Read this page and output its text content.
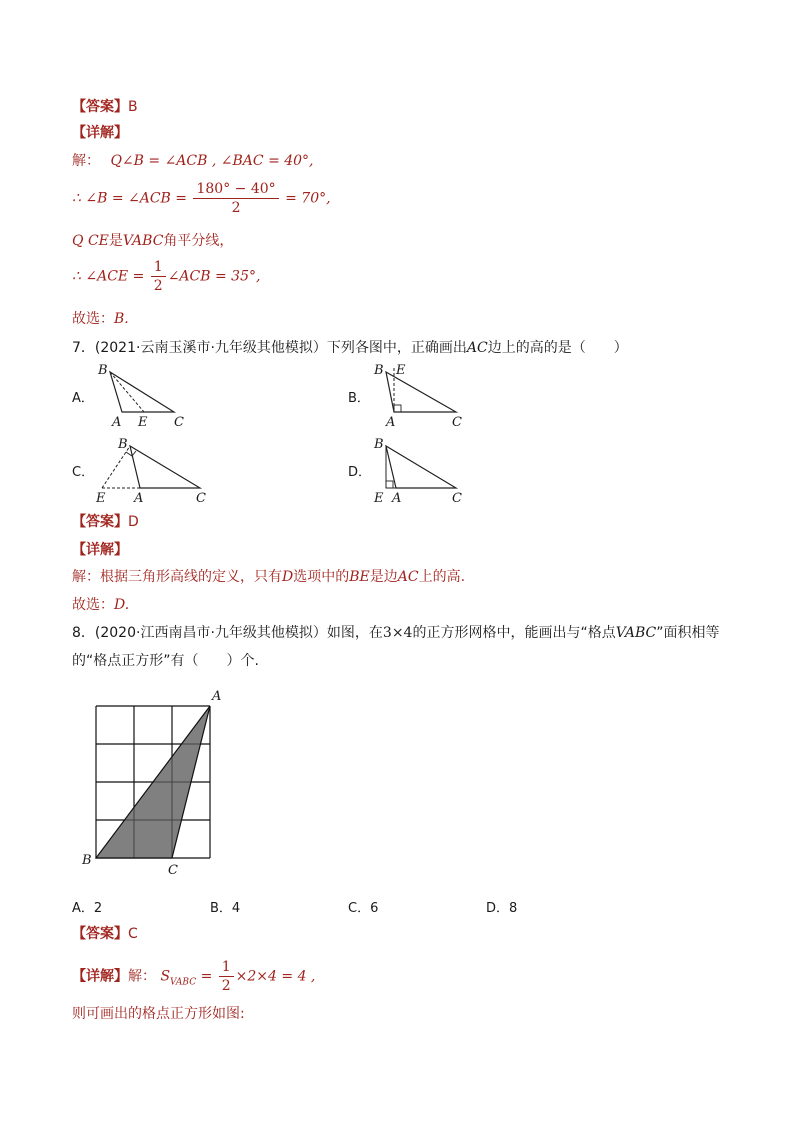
【答案】B
【详解】
解： Q∠B = ∠ACB , ∠BAC = 40°,
∴ ∠B = ∠ACB = $\frac{180^\circ - 40^\circ}{2} = 70^\circ$,
Q CE是VABC角平分线，
∴ ∠ACE = $\frac{1}{2}$ ∠ACB = 35°,
故选：B.
7．(2021·云南玉溪市·九年级其他模拟）下列各图中，正确画出AC边上的高的是（　　）
A．
B
A E C
B．
B E
A	C
C．
B
E A	C
D．
B
E A	C
【答案】D
【详解】
解：根据三角形高线的定义，只有D选项中的BE是边AC上的高.
故选：D.
8．(2020·江西南昌市·九年级其他模拟）如图，在3×4的正方形网格中，能画出与“格点VABC”面积相等
的“格点正方形”有（　　）个.
A
B
C
A．2	B．4	C．6	D．8
【答案】C
【详解】解： $S_{VABC} = \frac{1}{2} \times 2\times 4 = 4$ ,
则可画出的格点正方形如图:
